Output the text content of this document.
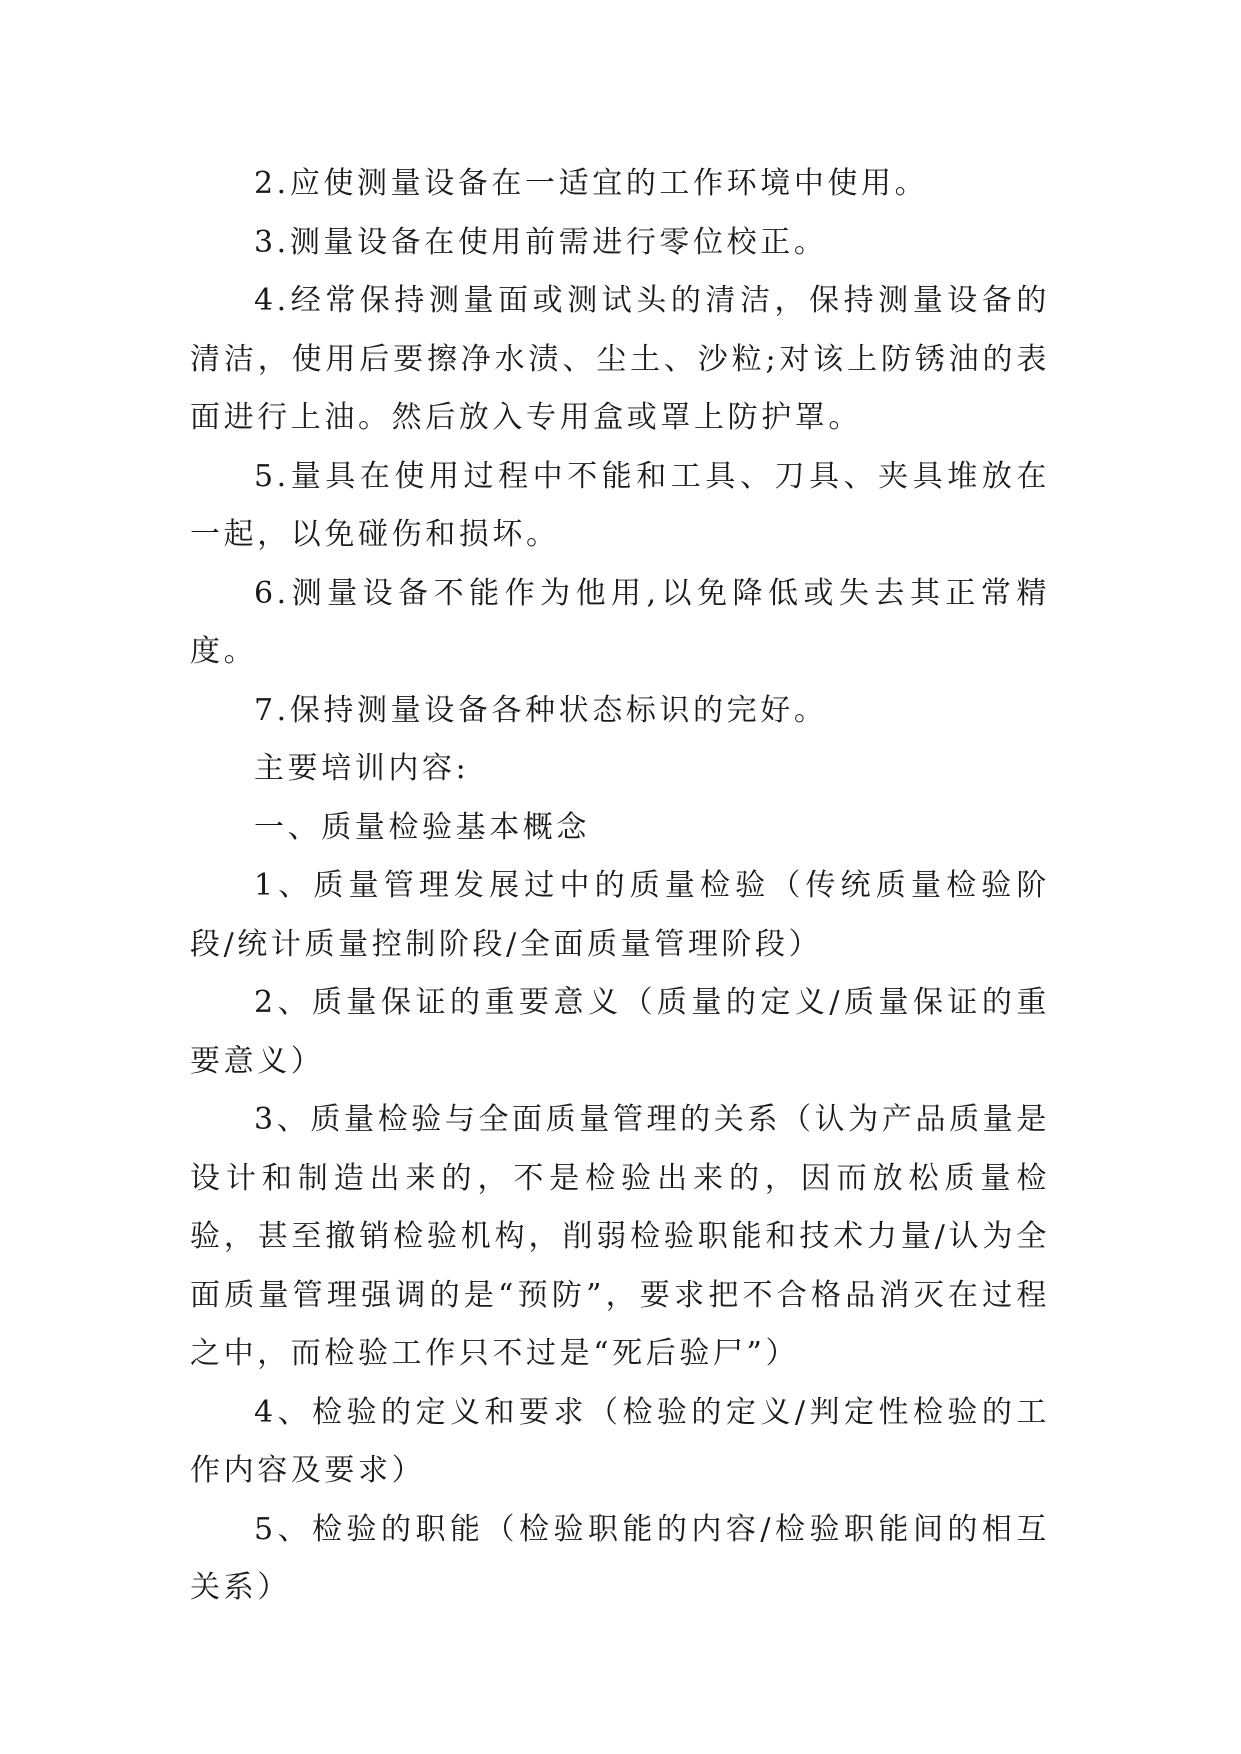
2.应使测量设备在一适宜的工作环境中使用。

3.测量设备在使用前需进行零位校正。

4.经常保持测量面或测试头的清洁，保持测量设备的清洁，使用后要擦净水渍、尘土、沙粒;对该上防锈油的表面进行上油。然后放入专用盒或罩上防护罩。

5.量具在使用过程中不能和工具、刀具、夹具堆放在一起，以免碰伤和损坏。

6.测量设备不能作为他用,以免降低或失去其正常精度。

7.保持测量设备各种状态标识的完好。

主要培训内容:

一、质量检验基本概念

1、质量管理发展过中的质量检验（传统质量检验阶段/统计质量控制阶段/全面质量管理阶段）

2、质量保证的重要意义（质量的定义/质量保证的重要意义）

3、质量检验与全面质量管理的关系（认为产品质量是设计和制造出来的，不是检验出来的，因而放松质量检验，甚至撤销检验机构，削弱检验职能和技术力量/认为全面质量管理强调的是“预防”，要求把不合格品消灭在过程之中，而检验工作只不过是“死后验尸”）

4、检验的定义和要求（检验的定义/判定性检验的工作内容及要求）

5、检验的职能（检验职能的内容/检验职能间的相互关系）
